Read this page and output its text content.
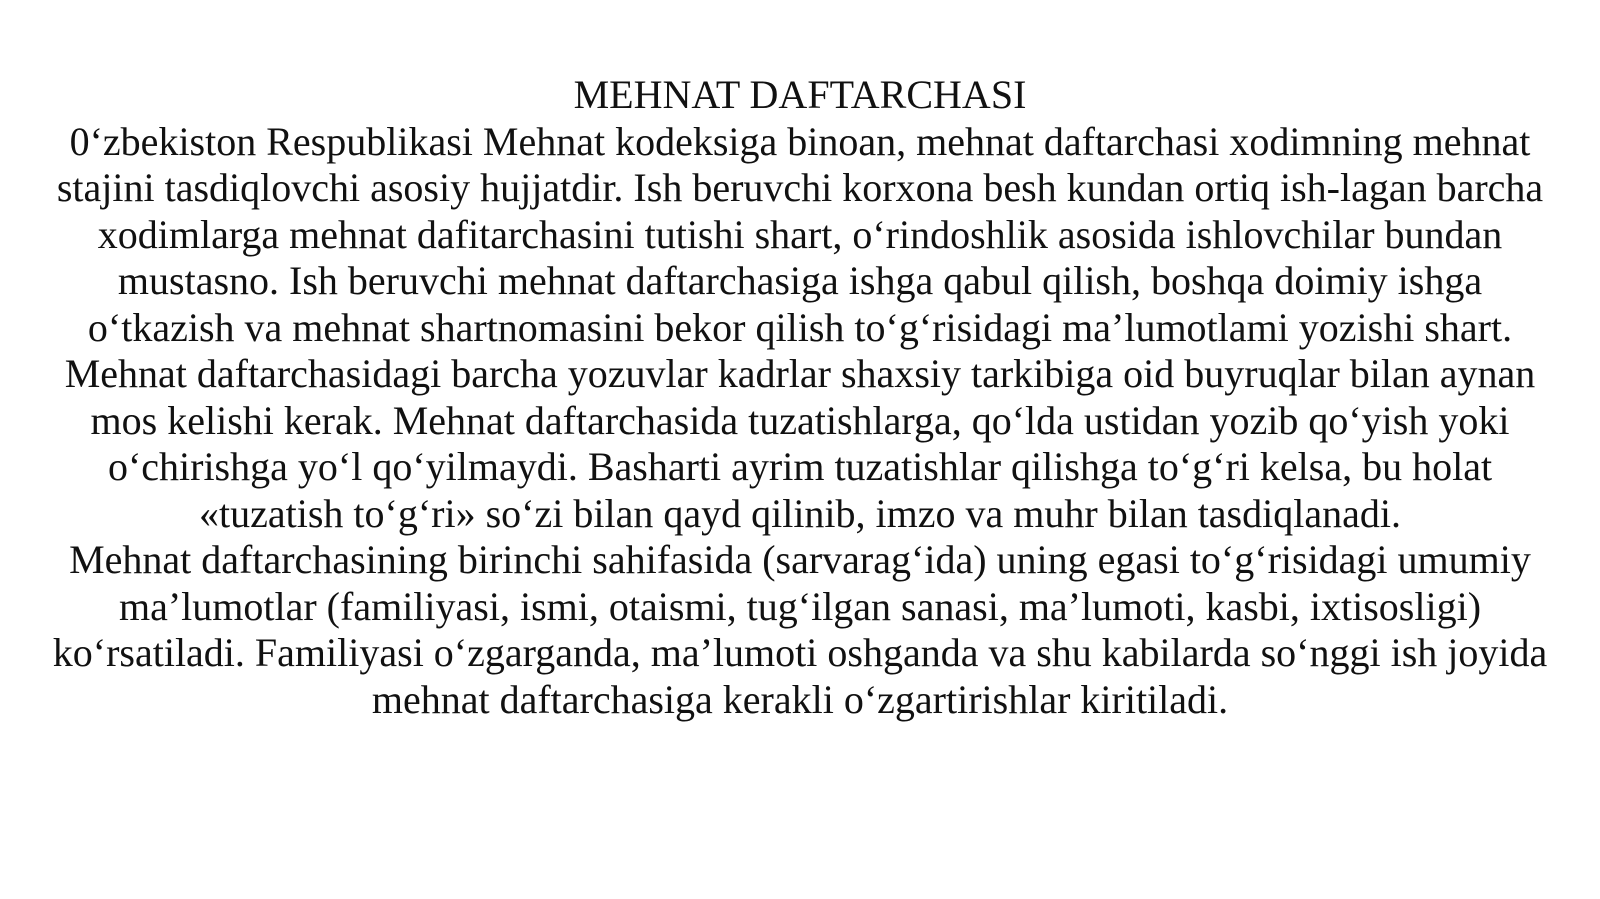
MEHNAT DAFTARCHASI

0‘zbekiston Respublikasi Mehnat kodeksiga binoan, mehnat daftarchasi xodimning mehnat stajini tasdiqlovchi asosiy hujjatdir. Ish beruvchi korxona besh kundan ortiq ish-lagan barcha xodimlarga mehnat dafitarchasini tutishi shart, o‘rindoshlik asosida ishlovchilar bundan mustasno. Ish beruvchi mehnat daftarchasiga ishga qabul qilish, boshqa doimiy ishga o‘tkazish va mehnat shartnomasini bekor qilish to‘g‘risidagi ma’lumotlami yozishi shart.

Mehnat daftarchasidagi barcha yozuvlar kadrlar shaxsiy tarkibiga oid buyruqlar bilan aynan mos kelishi kerak. Mehnat daftarchasida tuzatishlarga, qo‘lda ustidan yozib qo‘yish yoki o‘chirishga yo‘l qo‘yilmaydi. Basharti ayrim tuzatishlar qilishga to‘g‘ri kelsa, bu holat «tuzatish to‘g‘ri» so‘zi bilan qayd qilinib, imzo va muhr bilan tasdiqlanadi.

Mehnat daftarchasining birinchi sahifasida (sarvarag‘ida) uning egasi to‘g‘risidagi umumiy ma’lumotlar (familiyasi, ismi, otaismi, tug‘ilgan sanasi, ma’lumoti, kasbi, ixtisosligi) ko‘rsatiladi. Familiyasi o‘zgarganda, ma’lumoti oshganda va shu kabilarda so‘nggi ish joyida mehnat daftarchasiga kerakli o‘zgartirishlar kiritiladi.
